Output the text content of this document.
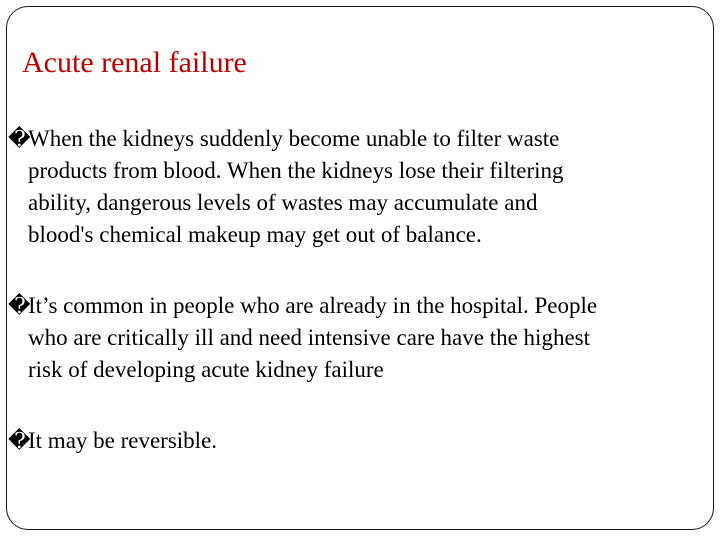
Acute renal failure
�
When the kidneys suddenly become unable to filter waste
products from blood. When the kidneys lose their filtering
ability, dangerous levels of wastes may accumulate and
blood's chemical makeup may get out of balance.
�
It’s common in people who are already in the hospital. People
who are critically ill and need intensive care have the highest
risk of developing acute kidney failure
�
It may be reversible.
